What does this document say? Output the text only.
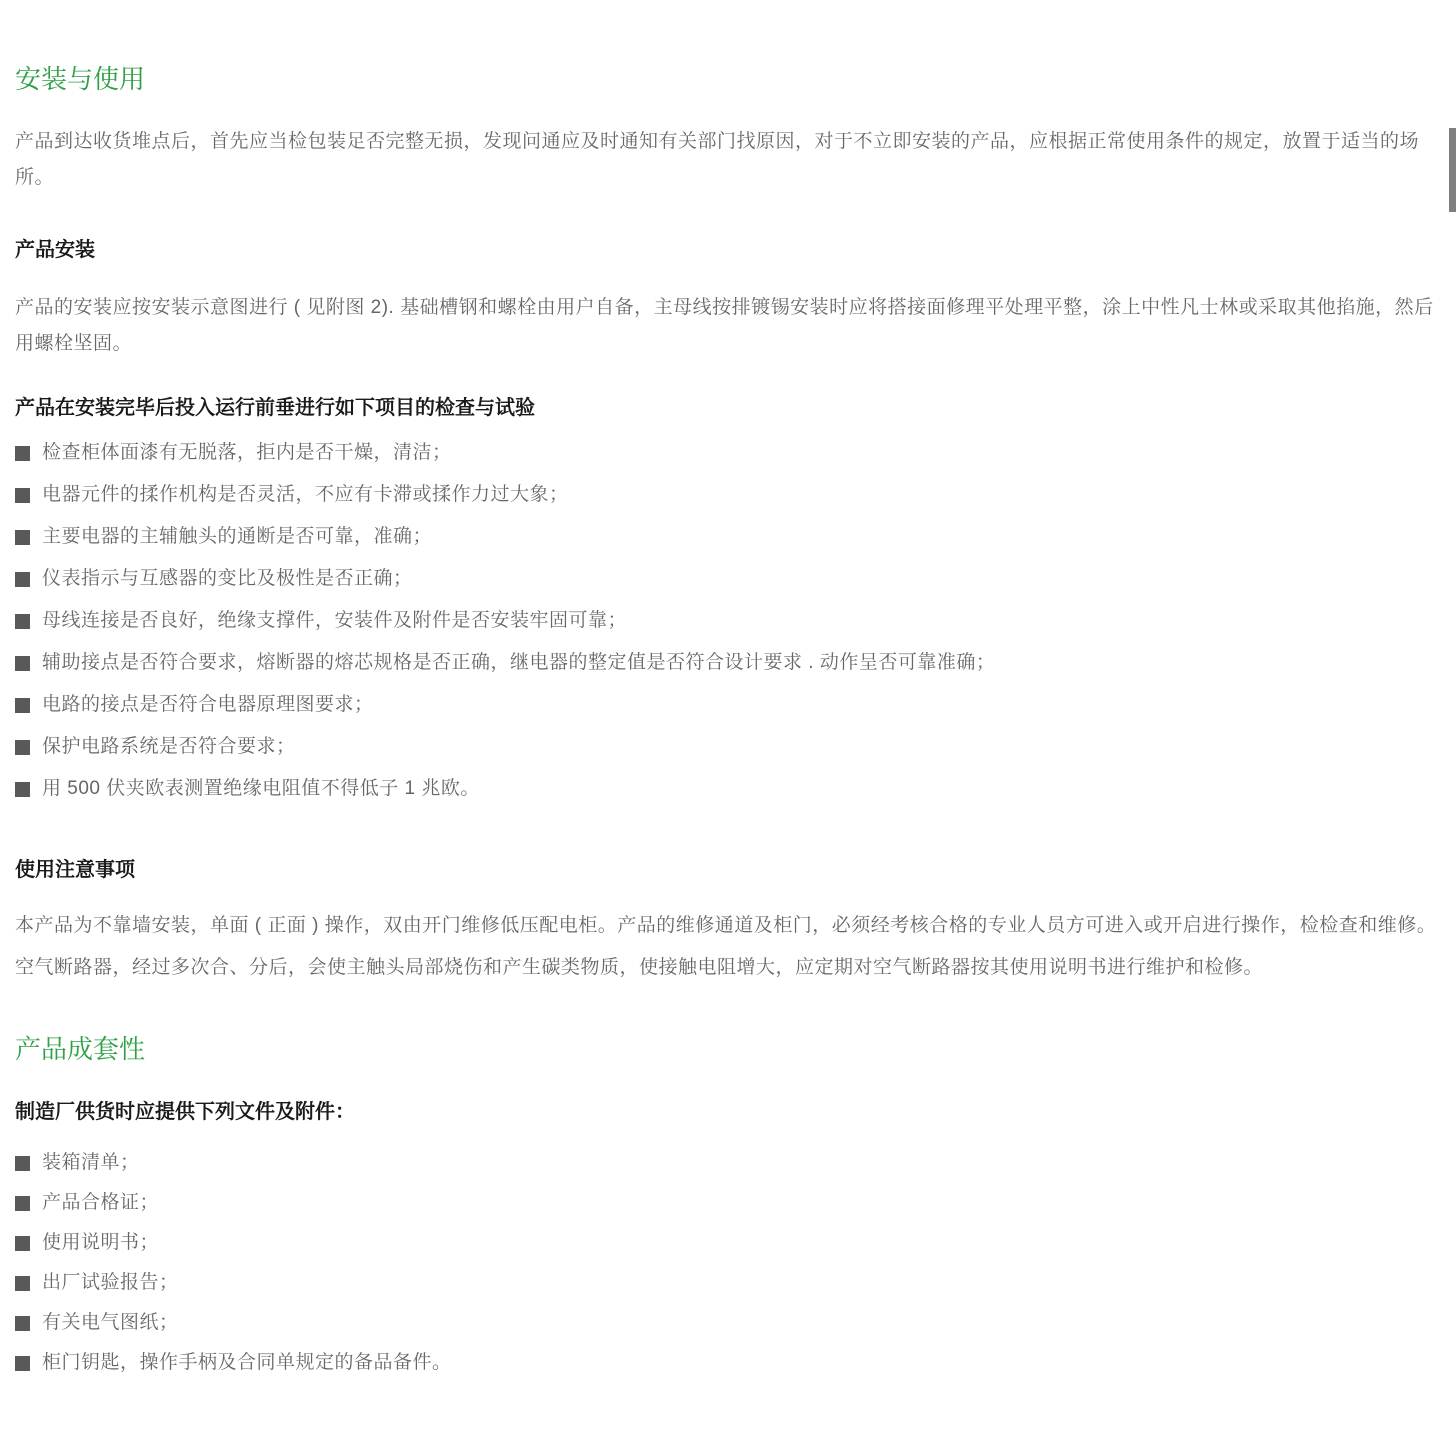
安装与使用

产品到达收货堆点后，首先应当检包装足否完整无损，发现问通应及时通知有关部门找原因，对于不立即安装的产品，应根据正常使用条件的规定，放置于适当的场所。

产品安装

产品的安装应按安装示意图进行 ( 见附图 2). 基础槽钢和螺栓由用户自备，主母线按排镀锡安装时应将搭接面修理平处理平整，涂上中性凡士林或采取其他掐施，然后用螺栓坚固。

产品在安装完毕后投入运行前垂进行如下项目的检查与试验
检查柜体面漆有无脱落，拒内是否干燥，清洁；
电器元件的揉作机构是否灵活，不应有卡滞或揉作力过大象；
主要电器的主辅触头的通断是否可靠，准确；
仪表指示与互感器的变比及极性是否正确；
母线连接是否良好，绝缘支撑件，安装件及附件是否安装牢固可靠；
辅助接点是否符合要求，熔断器的熔芯规格是否正确，继电器的整定值是否符合设计要求 . 动作呈否可靠准确；
电路的接点是否符合电器原理图要求；
保护电路系统是否符合要求；
用 500 伏夹欧表测置绝缘电阻值不得低子 1 兆欧。
使用注意事项

本产品为不靠墙安装，单面 ( 正面 ) 操作，双由开门维修低压配电柜。产品的维修通道及柜门，必须经考核合格的专业人员方可进入或开启进行操作，检检查和维修。

空气断路器，经过多次合、分后，会使主触头局部烧伤和产生碳类物质，使接触电阻增大，应定期对空气断路器按其使用说明书进行维护和检修。

产品成套性
制造厂供货时应提供下列文件及附件：
装箱清单；
产品合格证；
使用说明书；
出厂试验报告；
有关电气图纸；
柜门钥匙，操作手柄及合同单规定的备品备件。
